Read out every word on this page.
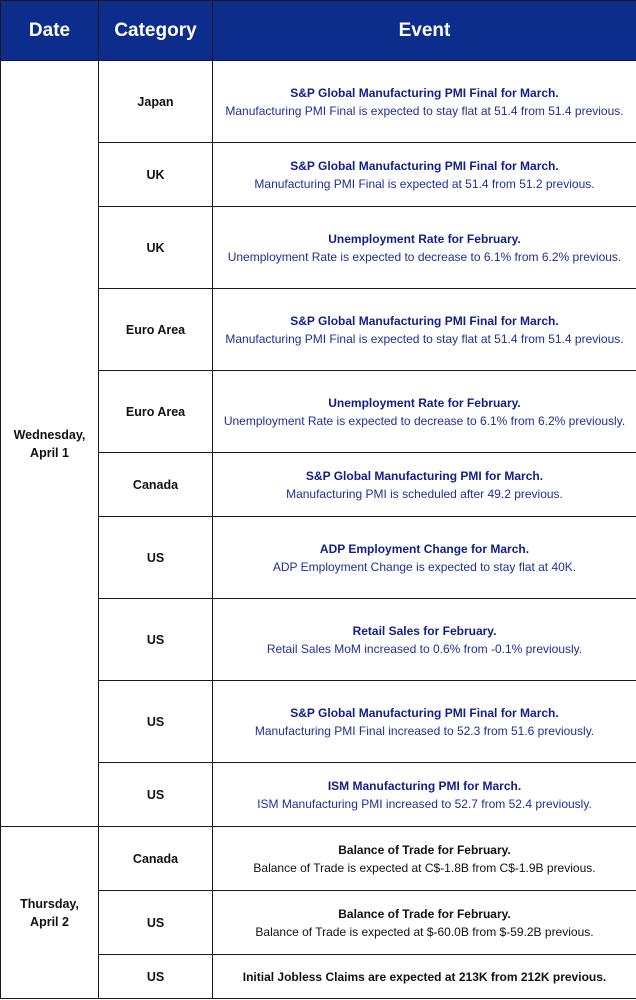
Date	Category	Event
Wednesday, April 1	Japan	S&P Global Manufacturing PMI Final for March.
Manufacturing PMI Final is expected to stay flat at 51.4 from 51.4 previous.

	UK	S&P Global Manufacturing PMI Final for March.
Manufacturing PMI Final is expected at 51.4 from 51.2 previous.

	UK	Unemployment Rate for February.
Unemployment Rate is expected to decrease to 6.1% from 6.2% previous.

	Euro Area	S&P Global Manufacturing PMI Final for March.
Manufacturing PMI Final is expected to stay flat at 51.4 from 51.4 previous.

	Euro Area	Unemployment Rate for February.
Unemployment Rate is expected to decrease to 6.1% from 6.2% previously.

	Canada	S&P Global Manufacturing PMI for March.
Manufacturing PMI is scheduled after 49.2 previous.

	US	ADP Employment Change for March.
ADP Employment Change is expected to stay flat at 40K.

	US	Retail Sales for February.
Retail Sales MoM increased to 0.6% from -0.1% previously.

	US	S&P Global Manufacturing PMI Final for March.
Manufacturing PMI Final increased to 52.3 from 51.6 previously.

	US	ISM Manufacturing PMI for March.
ISM Manufacturing PMI increased to 52.7 from 52.4 previously.

Thursday, April 2	Canada	Balance of Trade for February.
Balance of Trade is expected at C$-1.8B from C$-1.9B previous.

	US	Balance of Trade for February.
Balance of Trade is expected at $-60.0B from $-59.2B previous.

	US	Initial Jobless Claims are expected at 213K from 212K previous.
